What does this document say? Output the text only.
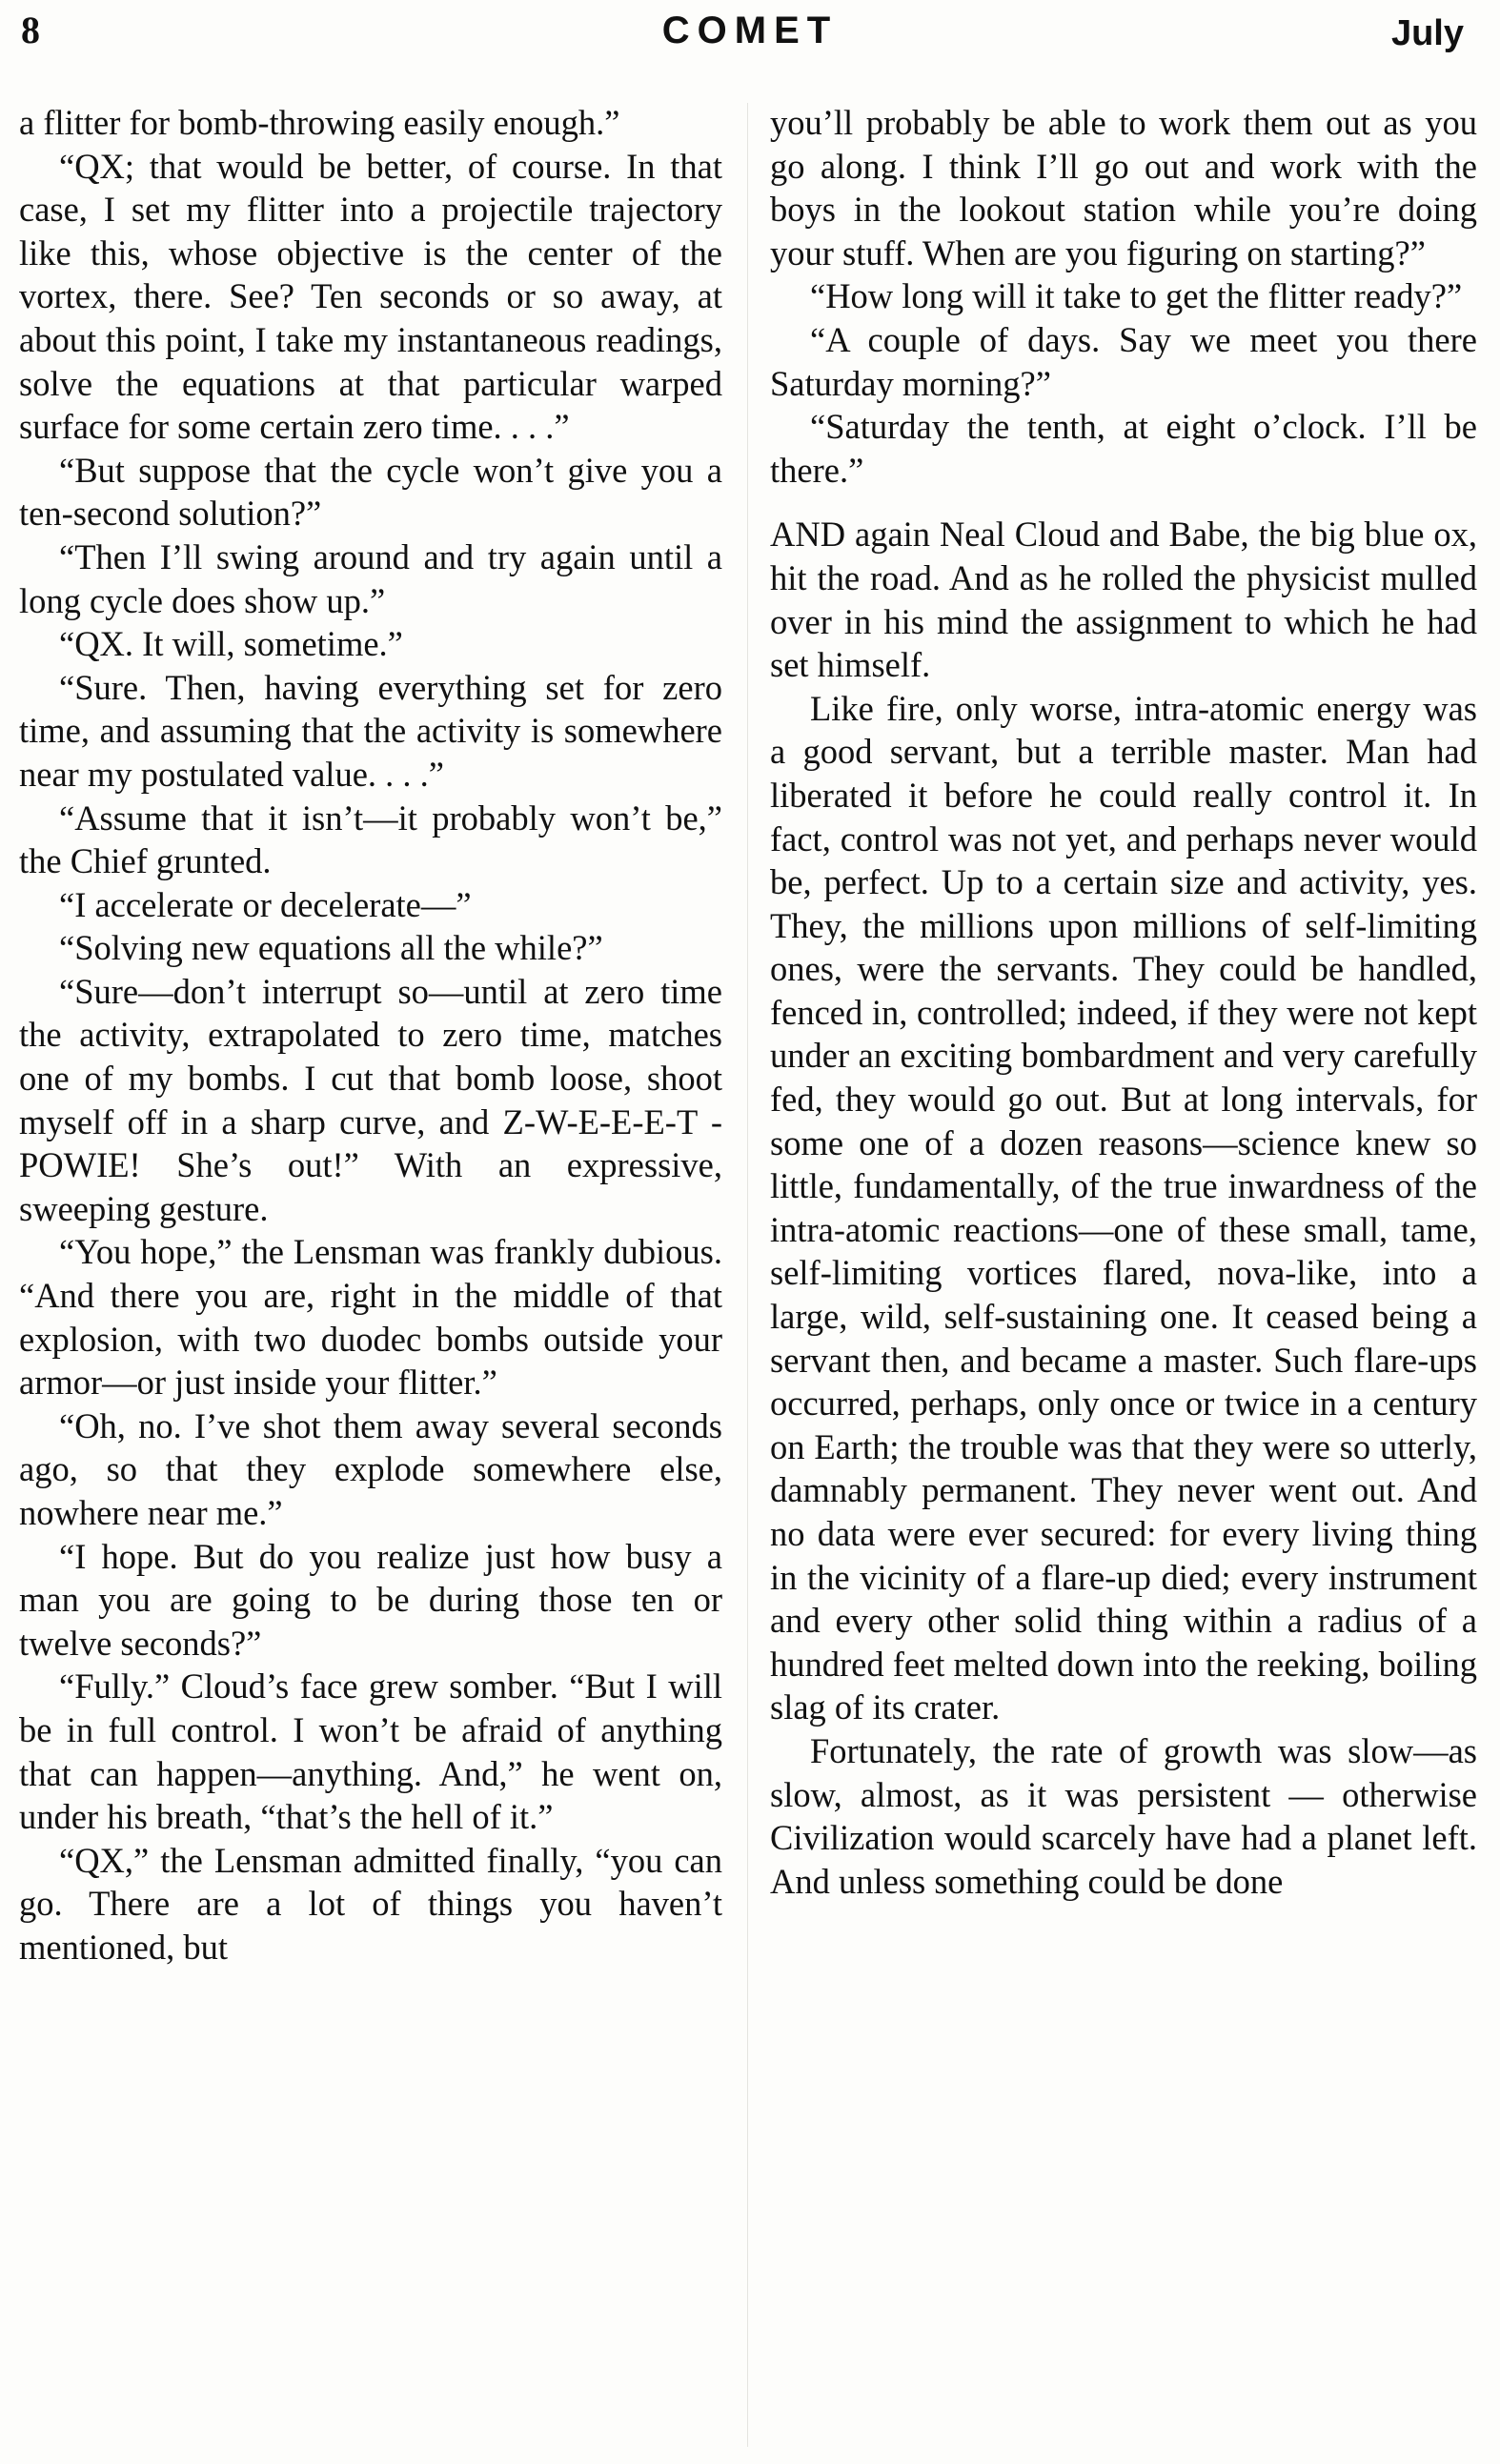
8	COMET	July

a flitter for bomb-throwing easily enough.”

“QX; that would be better, of course. In that case, I set my flitter into a projectile trajectory like this, whose objective is the center of the vortex, there. See? Ten seconds or so away, at about this point, I take my instantaneous readings, solve the equations at that particular warped surface for some certain zero time. . . .”

“But suppose that the cycle won’t give you a ten-second solution?”

“Then I’ll swing around and try again until a long cycle does show up.”

“QX. It will, sometime.”

“Sure. Then, having everything set for zero time, and assuming that the activity is somewhere near my postulated value. . . .”

“Assume that it isn’t—it probably won’t be,” the Chief grunted.

“I accelerate or decelerate—”

“Solving new equations all the while?”

“Sure—don’t interrupt so—until at zero time the activity, extrapolated to zero time, matches one of my bombs. I cut that bomb loose, shoot myself off in a sharp curve, and Z-W-E-E-E-T - POWIE! She’s out!” With an expressive, sweeping gesture.

“You hope,” the Lensman was frankly dubious. “And there you are, right in the middle of that explosion, with two duodec bombs outside your armor—or just inside your flitter.”

“Oh, no. I’ve shot them away several seconds ago, so that they explode somewhere else, nowhere near me.”

“I hope. But do you realize just how busy a man you are going to be during those ten or twelve seconds?”

“Fully.” Cloud’s face grew somber. “But I will be in full control. I won’t be afraid of anything that can happen—anything. And,” he went on, under his breath, “that’s the hell of it.”

“QX,” the Lensman admitted finally, “you can go. There are a lot of things you haven’t mentioned, but

you’ll probably be able to work them out as you go along. I think I’ll go out and work with the boys in the lookout station while you’re doing your stuff. When are you figuring on starting?”

“How long will it take to get the flitter ready?”

“A couple of days. Say we meet you there Saturday morning?”

“Saturday the tenth, at eight o’clock. I’ll be there.”

AND again Neal Cloud and Babe, the big blue ox, hit the road. And as he rolled the physicist mulled over in his mind the assignment to which he had set himself.

Like fire, only worse, intra-atomic energy was a good servant, but a terrible master. Man had liberated it before he could really control it. In fact, control was not yet, and perhaps never would be, perfect. Up to a certain size and activity, yes. They, the millions upon millions of self-limiting ones, were the servants. They could be handled, fenced in, controlled; indeed, if they were not kept under an exciting bombardment and very carefully fed, they would go out. But at long intervals, for some one of a dozen reasons—science knew so little, fundamentally, of the true inwardness of the intra-atomic reactions—one of these small, tame, self-limiting vortices flared, nova-like, into a large, wild, self-sustaining one. It ceased being a servant then, and became a master. Such flare-ups occurred, perhaps, only once or twice in a century on Earth; the trouble was that they were so utterly, damnably permanent. They never went out. And no data were ever secured: for every living thing in the vicinity of a flare-up died; every instrument and every other solid thing within a radius of a hundred feet melted down into the reeking, boiling slag of its crater.

Fortunately, the rate of growth was slow—as slow, almost, as it was persistent — otherwise Civilization would scarcely have had a planet left. And unless something could be done
